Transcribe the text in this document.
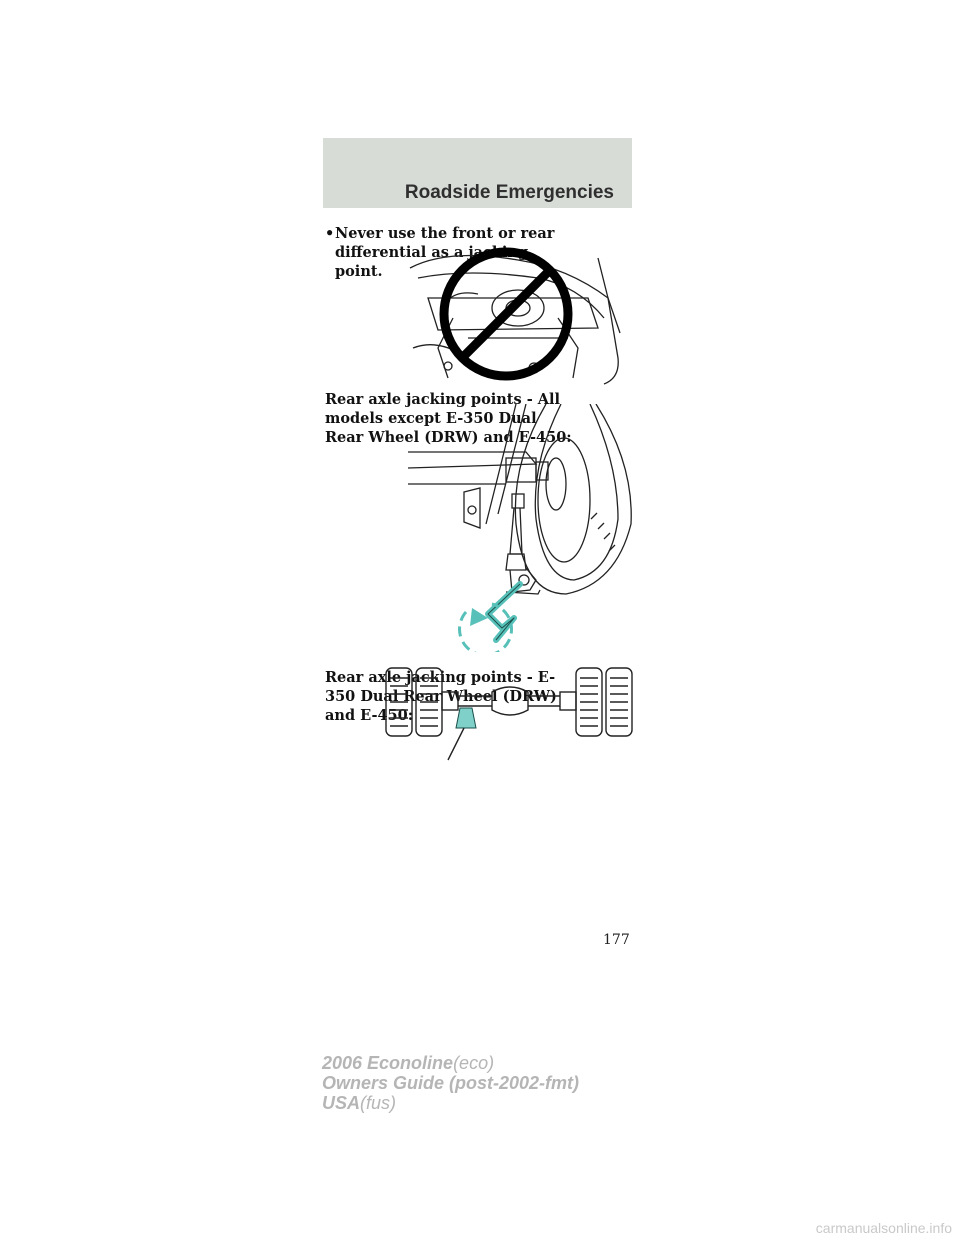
Roadside Emergencies
• Never use the front or rear differential as a jacking point.
Rear axle jacking points - All models except E-350 Dual Rear Wheel (DRW) and E-450:
Rear axle jacking points - E-350 Dual Rear Wheel (DRW) and E-450:
177
2006 Econoline(eco)
Owners Guide (post-2002-fmt)
USA(fus)
carmanualsonline.info
